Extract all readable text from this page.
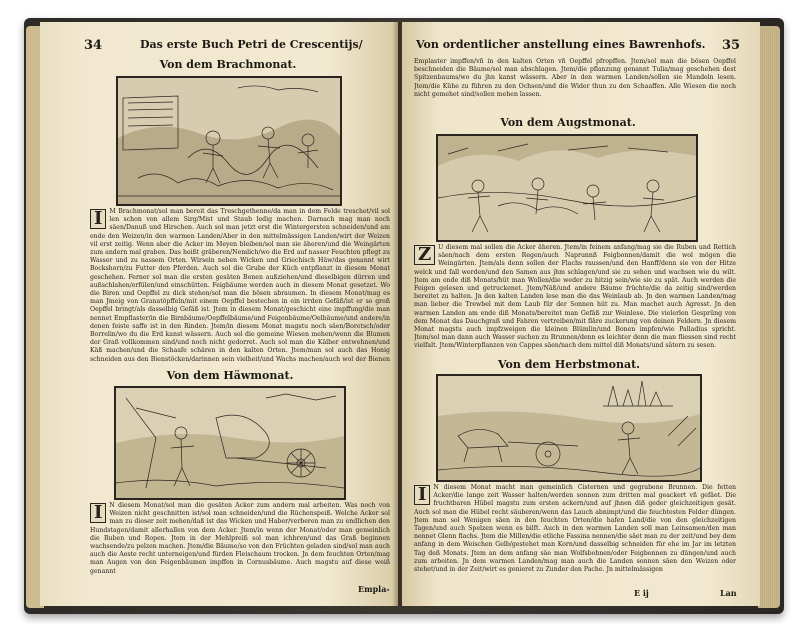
34	Das erste Buch Petri de Crescentijs/
Von dem Brachmonat.

I	M Brachmonat/sol man bereit das Treschgethenne/da man in dem Felde treschet/vil sol len schon von allem Sirg/Mist und Staub ledig machen. Darnach mag man noch säen/Danuß und Hirschen. Auch sol man jetzt erst die Wintergersten schneiden/und am ende den Weizen/in den warmen Landen/Aber in den mittelmässigen Landen/wirt der Weizen vil erst zeitig. Wenn aber die Acker im Meyen bleiben/sol man sie äheren/und die Weingärten zum andern mal graben. Das heißt gräberen/Nemlich/wo die Erd auf nasser Feuchten pflegt zu Wasser und zu nassem Orten. Wirseln neben Wicken und Griechisch Häw/das genannt wirt Bockshorn/zu Futter den Pferden. Auch sol die Grube der Küch entpflanzt in diesem Monat geschehen. Ferner sol man die ersten gesäten Bonen außziehen/und dieselbigen dürren und außschlahen/erfülen/und einschütten. Feigbäume werden auch in diesem Monat gesetzet. Wo die Biren und Oepffel zu dick stehen/sol man die bösen abraumen. In diesem Monat/mag es man Jmeig von Granatöpffeln/mit einem Oepffel bestechen in ein irrden Gefäß/ist er so groß Oepffel bringt/als dasselbig Gefäß ist. Jtem in diesem Monat/geschicht eine impffung/die man nennet Empflaster/in die Birnbäume/Oepffelbäume/und Feigenbäume/Oelbäume/und andere/in denen feiste saffe ist in den Rinden. Jtem/in diesem Monat magstu noch säen/Boretsch/oder Borrelin/wo du die Erd kanst wässern. Auch sol die gemeine Wiesen mehen/wenn die Blumen der Graß vollkommen sind/und noch nicht gedorret. Auch sol man die Kälber entwehnen/und Käß machen/und die Schaafe schären in den kalten Orten. Jtem/man sol auch das Honig schneiden aus den Bienstöcken/darinnen sein vielheit/und Wachs machen/auch wol der Bienen

Von dem Häwmonat.

I	N diesem Monat/sol man die gesäten Acker zum andern mal arbeiten. Was noch von Weizen nicht geschnitten ist/sol man schneiden/und die Rüchenspeiß. Welche Acker sol man zu dieser zeit mehen/daß ist das Wicken und Haber/verberen man zu endlichen den Hundstagen/damit allerhallen von dem Acker. Jtem/in wenn der Monat/oder man gemeinlich die Ruben und Ropen. Jtem in der Mehlpreiß sol man ichbren/und das Graß beginnen wachsende/zu pelzen machen. Jtem/die Bäume/so von den Früchten geladen sind/sol man auch auch die Aeste recht unterneigen/und fürden Fleischaum trocken. Jn dem feuchten Orten/mag man Augen von den Feigenbäumen impffen in Cornusbäume. Auch magstu auf diese weiß genannt

Empla-
Von ordentlicher anstellung eines Bawrenhofs. 35
Emplaster impffen/vñ in den kalten Orten vñ Oepffel pfropffen. Jtem/sol man die bösen Oepffel beschneiden die Bäume/sol man abschlagen. Jtem/die pflanzung genannt Tulia/mag geschehen dest Spitzenbaums/wo du jhn kanst wässern. Aber in den warmen Landen/sollen sie Mandeln lesen. Jtem/die Kühe zu führen zu den Ochsen/und die Wider thun zu den Schaaffen. Alle Wiesen die noch nicht gemehet sind/sollen mehen lassen.
Von dem Augstmonat.

Z	U diesem mal sollen die Acker äheren. Jtem/in feinem anfang/mag sie die Ruben und Rettich säen/nach dem ersten Regen/auch Naprunnß Feigbonnen/damit die wol mögen die Weingärten. Jtem/als denn sollen der Flachs raussen/und den Hanff/denn sie von der Hitze welck und fall werden/und den Samen aus jhm schlagen/und sie zu sehen und wachsen wie du wilt. Jtem am ende diß Monats/hüt man Wollen/die weder zu hitzig sein/wie sie zu spät. Auch werden die Feigen gelesen und getruckenet. Jtem/Näß/und andere Bäume früchte/die da zeitig sind/werden bereitet zu halten. Jn den kalten Landen lese man die das Weinlaub ab. Jn den warmen Landen/mag man lieber die Trewbel mit dem Laub für der Sonnen hüt zu. Man machet auch Agresst. Jn den warmen Landen am ende diß Monats/bereitet man Gefäß zur Weinlese. Die vielerlen Gesprüng von dem Monat das Dauchgraß und Fahren vertreiben/mit fläre zuckerung von deinen Feldern. Jn diesem Monat magstu auch impfzweigen die kleinen Blümlin/und Bonen impfen/wie Palladius spricht. Jtem/sol man dann auch Wasser suchen zu Brunnen/denn es leichter denn die man fliessen sind recht vielfalt. Jtem/Winterpflanzen von Cappes säen/nach dem mittel diß Monats/und sätern zu sesen.

Von dem Herbstmonat.

I	N diesem Monat macht man gemeinlich Cisternen und gegrabene Brunnen. Die fetten Acker/die lange zeit Wasser halten/werden sonnen zum dritten mal geackert vñ gefäet. Die fruchtbaren Hübel magstu zum ersten ackern/und auf jhnen diß geder gleichzeitigen gesät. Auch sol man die Hübel recht säuberen/wenn das Lauch abnimpt/und die feuchtesten Felder düngen. Jtem man sol Wenigen säen in den feuchten Orten/die hafen Land/die von den gleichzeitigen Tagen/und auch Spelzen wenn es bilft. Auch in den warmen Landen soll man Leinsamen/den man nennet Glenn flachs. Jtem die Millen/die etliche Fassina nennen/die säet man zu der zeit/und bey dem anfang in dem Weischen Gelb/gestehet man Korn/und dasselbig schneiden für ehe im Jar im letzten Tag deß Monats. Jtem an dem anfang säe man Wolfsbohnen/oder Feigbonnen zu düngen/und auch zum arbeiten. Jn dem warmen Landen/mag man auch die Landen sonnen säen den Weizen oder stehet/und in der Zeit/wirt es genieret zu Zunder den Pache. Jn mittelmässigen

E ij	Lan
